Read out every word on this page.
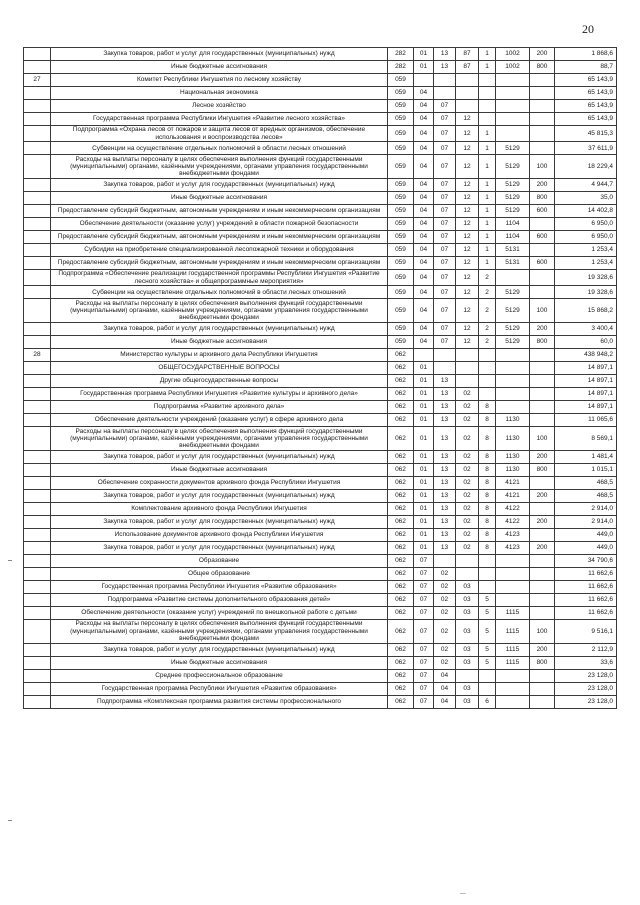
20
	Закупка товаров, работ и услуг для государственных (муниципальных) нужд	282	01	13	87	1	1002	200	1 868,6
	Иные бюджетные ассигнования	282	01	13	87	1	1002	800	88,7
27	Комитет Республики Ингушетия по лесному хозяйству	059							65 143,9
	Национальная экономика	059	04						65 143,9
	Лесное хозяйство	059	04	07					65 143,9
	Государственная программа Республики Ингушетия «Развитие лесного хозяйства»	059	04	07	12				65 143,9
	Подпрограмма «Охрана лесов от пожаров и защита лесов от вредных организмов, обеспечение использования и воспроизводства лесов»	059	04	07	12	1			45 815,3
	Субвенции на осуществление отдельных полномочий в области лесных отношений	059	04	07	12	1	5129		37 611,9
	Расходы на выплаты персоналу в целях обеспечения выполнения функций государственными (муниципальными) органами, казёнными учреждениями, органами управления государственными внебюджетными фондами	059	04	07	12	1	5129	100	18 229,4
	Закупка товаров, работ и услуг для государственных (муниципальных) нужд	059	04	07	12	1	5129	200	4 944,7
	Иные бюджетные ассигнования	059	04	07	12	1	5129	800	35,0
	Предоставление субсидий бюджетным, автономным учреждениям и иным некоммерческим организациям	059	04	07	12	1	5129	600	14 402,8
	Обеспечение деятельности (оказание услуг) учреждений в области пожарной безопасности	059	04	07	12	1	1104		6 950,0
	Предоставление субсидий бюджетным, автономным учреждениям и иным некоммерческим организациям	059	04	07	12	1	1104	600	6 950,0
	Субсидии на приобретение специализированной лесопожарной техники и оборудования	059	04	07	12	1	5131		1 253,4
	Предоставление субсидий бюджетным, автономным учреждениям и иным некоммерческим организациям	059	04	07	12	1	5131	600	1 253,4
	Подпрограмма «Обеспечение реализации государственной программы Республики Ингушетия «Развитие лесного хозяйства» и общепрограммные мероприятия»	059	04	07	12	2			19 328,6
	Субвенции на осуществление отдельных полномочий в области лесных отношений	059	04	07	12	2	5129		19 328,6
	Расходы на выплаты персоналу в целях обеспечения выполнения функций государственными (муниципальными) органами, казёнными учреждениями, органами управления государственными внебюджетными фондами	059	04	07	12	2	5129	100	15 868,2
	Закупка товаров, работ и услуг для государственных (муниципальных) нужд	059	04	07	12	2	5129	200	3 400,4
	Иные бюджетные ассигнования	059	04	07	12	2	5129	800	60,0
28	Министерство культуры и архивного дела Республики Ингушетия	062							438 948,2
	ОБЩЕГОСУДАРСТВЕННЫЕ ВОПРОСЫ	062	01						14 897,1
	Другие общегосударственные вопросы	062	01	13					14 897,1
	Государственная программа Республики Ингушетия «Развитие культуры и архивного дела»	062	01	13	02				14 897,1
	Подпрограмма «Развитие архивного дела»	062	01	13	02	8			14 897,1
	Обеспечение деятельности учреждений (оказание услуг) в сфере архивного дела	062	01	13	02	8	1130		11 065,6
	Расходы на выплаты персоналу в целях обеспечения выполнения функций государственными (муниципальными) органами, казёнными учреждениями, органами управления государственными внебюджетными фондами	062	01	13	02	8	1130	100	8 569,1
	Закупка товаров, работ и услуг для государственных (муниципальных) нужд	062	01	13	02	8	1130	200	1 481,4
	Иные бюджетные ассигнования	062	01	13	02	8	1130	800	1 015,1
	Обеспечение сохранности документов архивного фонда Республики Ингушетия	062	01	13	02	8	4121		468,5
	Закупка товаров, работ и услуг для государственных (муниципальных) нужд	062	01	13	02	8	4121	200	468,5
	Комплектование архивного фонда Республики Ингушетия	062	01	13	02	8	4122		2 914,0
	Закупка товаров, работ и услуг для государственных (муниципальных) нужд	062	01	13	02	8	4122	200	2 914,0
	Использование документов архивного фонда Республики Ингушетия	062	01	13	02	8	4123		449,0
	Закупка товаров, работ и услуг для государственных (муниципальных) нужд	062	01	13	02	8	4123	200	449,0
	Образование	062	07						34 790,6
	Общее образование	062	07	02					11 662,6
	Государственная программа Республики Ингушетия «Развитие образования»	062	07	02	03				11 662,6
	Подпрограмма «Развитие системы дополнительного образования детей»	062	07	02	03	5			11 662,6
	Обеспечение деятельности (оказание услуг) учреждений по внешкольной работе с детьми	062	07	02	03	5	1115		11 662,6
	Расходы на выплаты персоналу в целях обеспечения выполнения функций государственными (муниципальными) органами, казёнными учреждениями, органами управления государственными внебюджетными фондами	062	07	02	03	5	1115	100	9 516,1
	Закупка товаров, работ и услуг для государственных (муниципальных) нужд	062	07	02	03	5	1115	200	2 112,9
	Иные бюджетные ассигнования	062	07	02	03	5	1115	800	33,6
	Среднее профессиональное образование	062	07	04					23 128,0
	Государственная программа Республики Ингушетия «Развитие образования»	062	07	04	03				23 128,0
	Подпрограмма «Комплексная программа развития системы профессионального	062	07	04	03	6			23 128,0
